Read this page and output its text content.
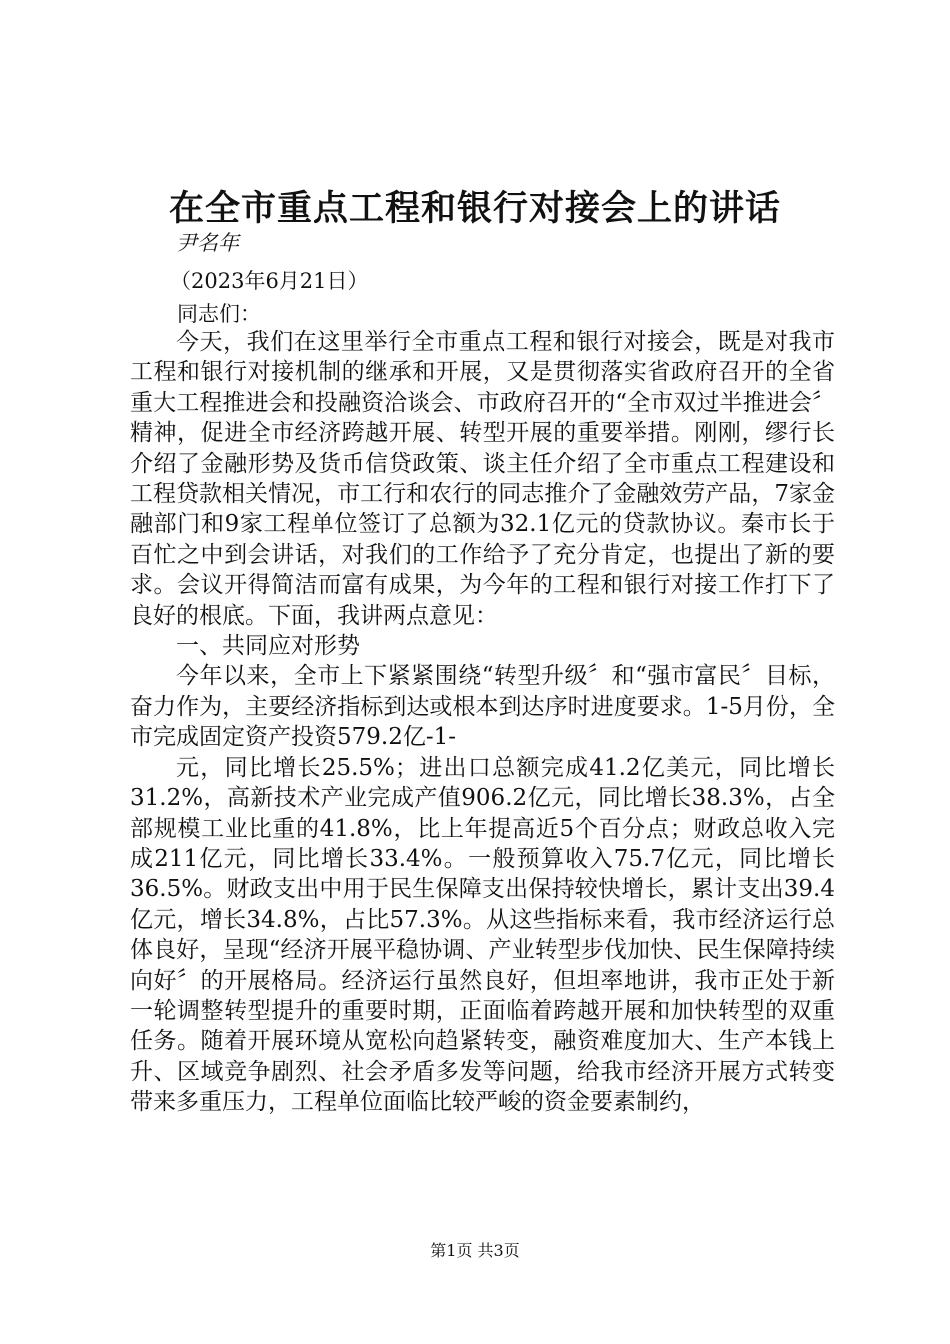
在全市重点工程和银行对接会上的讲话
尹名年
（2023年6月21日）
同志们：

今天，我们在这里举行全市重点工程和银行对接会，既是对我市工程和银行对接机制的继承和开展，又是贯彻落实省政府召开的全省重大工程推进会和投融资洽谈会、市政府召开的“全市双过半推进会〞精神，促进全市经济跨越开展、转型开展的重要举措。刚刚，缪行长介绍了金融形势及货币信贷政策、谈主任介绍了全市重点工程建设和工程贷款相关情况，市工行和农行的同志推介了金融效劳产品，7家金融部门和9家工程单位签订了总额为32.1亿元的贷款协议。秦市长于百忙之中到会讲话，对我们的工作给予了充分肯定，也提出了新的要求。会议开得简洁而富有成果，为今年的工程和银行对接工作打下了良好的根底。下面，我讲两点意见：

一、共同应对形势

今年以来，全市上下紧紧围绕“转型升级〞和“强市富民〞目标，奋力作为，主要经济指标到达或根本到达序时进度要求。1-5月份，全市完成固定资产投资579.2亿-1-

元，同比增长25.5%；进出口总额完成41.2亿美元，同比增长31.2%，高新技术产业完成产值906.2亿元，同比增长38.3%，占全部规模工业比重的41.8%，比上年提高近5个百分点；财政总收入完成211亿元，同比增长33.4%。一般预算收入75.7亿元，同比增长36.5%。财政支出中用于民生保障支出保持较快增长，累计支出39.4亿元，增长34.8%，占比57.3%。从这些指标来看，我市经济运行总体良好，呈现“经济开展平稳协调、产业转型步伐加快、民生保障持续向好〞的开展格局。经济运行虽然良好，但坦率地讲，我市正处于新一轮调整转型提升的重要时期，正面临着跨越开展和加快转型的双重任务。随着开展环境从宽松向趋紧转变，融资难度加大、生产本钱上升、区域竞争剧烈、社会矛盾多发等问题，给我市经济开展方式转变带来多重压力，工程单位面临比较严峻的资金要素制约，

第1页 共3页
